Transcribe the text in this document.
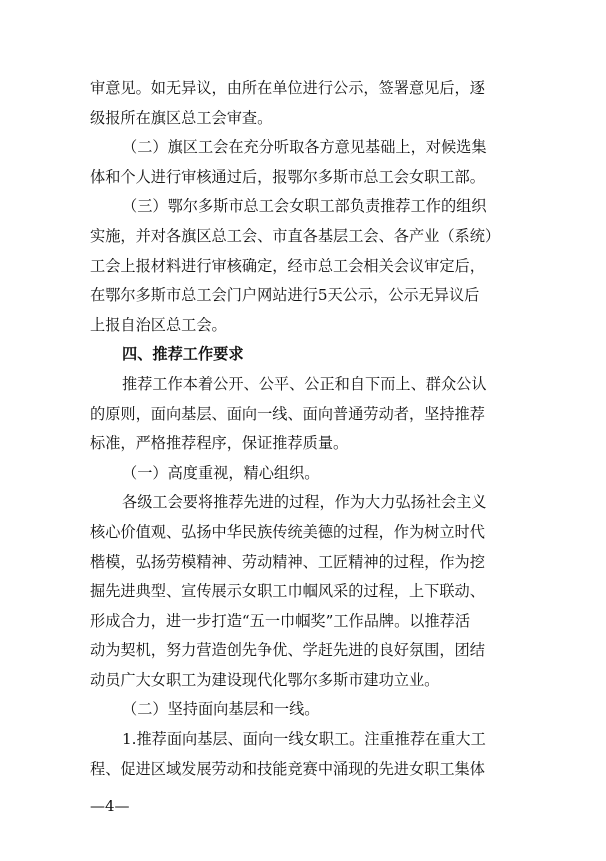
审意见。如无异议，由所在单位进行公示，签署意见后，逐
级报所在旗区总工会审查。

（二）旗区工会在充分听取各方意见基础上，对候选集
体和个人进行审核通过后，报鄂尔多斯市总工会女职工部。

（三）鄂尔多斯市总工会女职工部负责推荐工作的组织
实施，并对各旗区总工会、市直各基层工会、各产业（系统）
工会上报材料进行审核确定，经市总工会相关会议审定后，
在鄂尔多斯市总工会门户网站进行5天公示，公示无异议后
上报自治区总工会。

四、推荐工作要求

推荐工作本着公开、公平、公正和自下而上、群众公认
的原则，面向基层、面向一线、面向普通劳动者，坚持推荐
标准，严格推荐程序，保证推荐质量。

（一）高度重视，精心组织。

各级工会要将推荐先进的过程，作为大力弘扬社会主义
核心价值观、弘扬中华民族传统美德的过程，作为树立时代
楷模，弘扬劳模精神、劳动精神、工匠精神的过程，作为挖
掘先进典型、宣传展示女职工巾帼风采的过程，上下联动、
形成合力，进一步打造“五一巾帼奖”工作品牌。以推荐活
动为契机，努力营造创先争优、学赶先进的良好氛围，团结
动员广大女职工为建设现代化鄂尔多斯市建功立业。

（二）坚持面向基层和一线。

1.推荐面向基层、面向一线女职工。注重推荐在重大工
程、促进区域发展劳动和技能竞赛中涌现的先进女职工集体

—4—
